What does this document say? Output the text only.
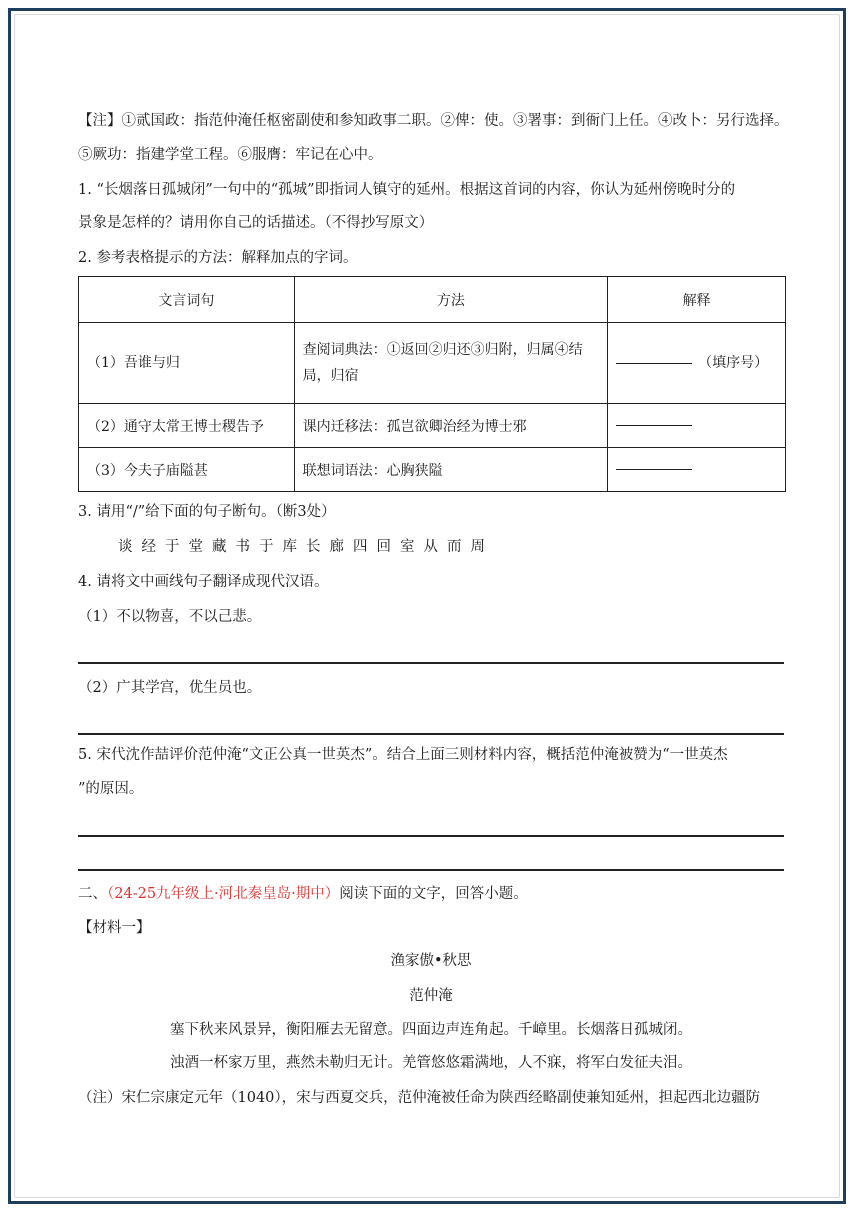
【注】①贰国政：指范仲淹任枢密副使和参知政事二职。②俾：使。③署事：到衙门上任。④改卜：另行选择。
⑤厥功：指建学堂工程。⑥服膺：牢记在心中。
1. “长烟落日孤城闭”一句中的“孤城”即指词人镇守的延州。根据这首词的内容，你认为延州傍晚时分的
景象是怎样的？请用你自己的话描述。（不得抄写原文）
2. 参考表格提示的方法：解释加点的字词。
文言词句	方法	解释
（1）吾谁与归	查阅词典法：①返回②归还③归附，归属④结
局，归宿	（填序号）
（2）通守太常王博士稷告予	课内迁移法：孤岂欲卿治经为博士邪	
（3）今夫子庙隘甚	联想词语法：心胸狭隘	
3. 请用“/”给下面的句子断句。（断3处）
谈经于堂藏书于库长廊四回室从而周
4. 请将文中画线句子翻译成现代汉语。
（1）不以物喜，不以己悲。
（2）广其学宫，优生员也。
5. 宋代沈作喆评价范仲淹“文正公真一世英杰”。结合上面三则材料内容，概括范仲淹被赞为“一世英杰
”的原因。
二、（24-25九年级上·河北秦皇岛·期中）阅读下面的文字，回答小题。
【材料一】
渔家傲•秋思
范仲淹
塞下秋来风景异，衡阳雁去无留意。四面边声连角起。千嶂里。长烟落日孤城闭。
浊酒一杯家万里，燕然未勒归无计。羌管悠悠霜满地，人不寐，将军白发征夫泪。
（注）宋仁宗康定元年（1040），宋与西夏交兵，范仲淹被任命为陕西经略副使兼知延州，担起西北边疆防
